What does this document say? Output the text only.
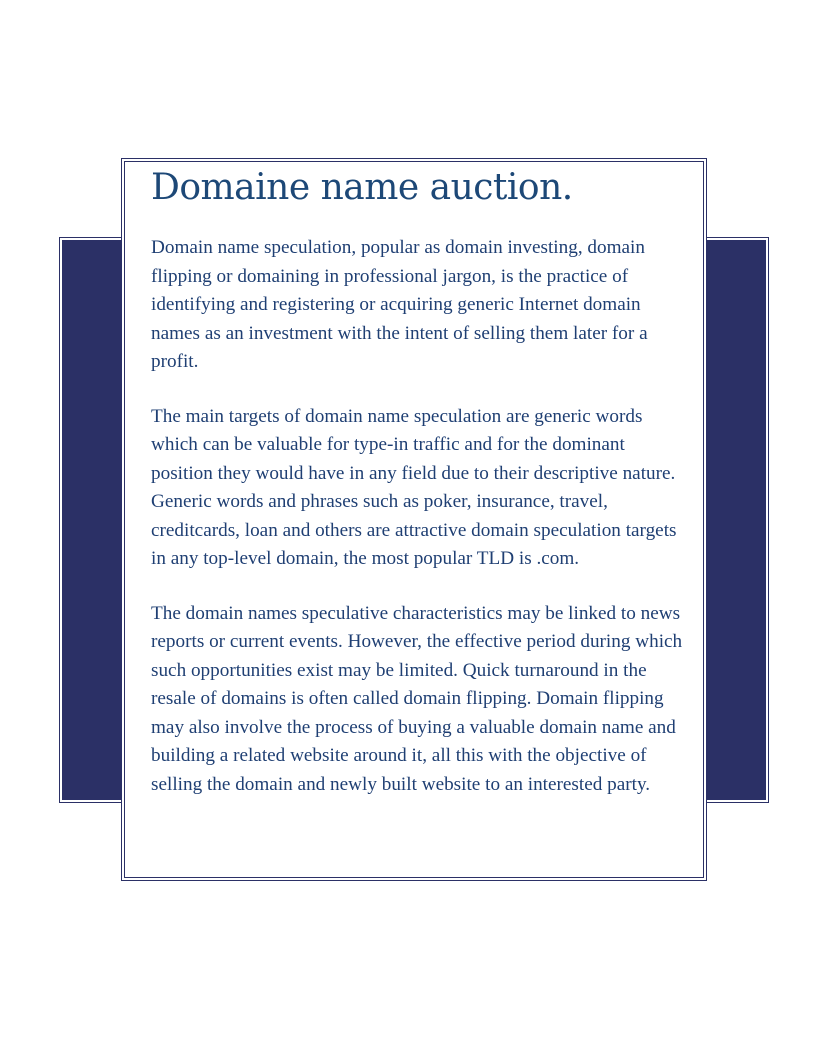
Domaine name auction.

Domain name speculation, popular as domain investing, domain flipping or domaining in professional jargon, is the practice of identifying and registering or acquiring generic Internet domain names as an investment with the intent of selling them later for a profit.

The main targets of domain name speculation are generic words which can be valuable for type-in traffic and for the dominant position they would have in any field due to their descriptive nature. Generic words and phrases such as poker, insurance, travel, creditcards, loan and others are attractive domain speculation targets in any top-level domain, the most popular TLD is .com.

The domain names speculative characteristics may be linked to news reports or current events. However, the effective period during which such opportunities exist may be limited. Quick turnaround in the resale of domains is often called domain flipping. Domain flipping may also involve the process of buying a valuable domain name and building a related website around it, all this with the objective of selling the domain and newly built website to an interested party.
